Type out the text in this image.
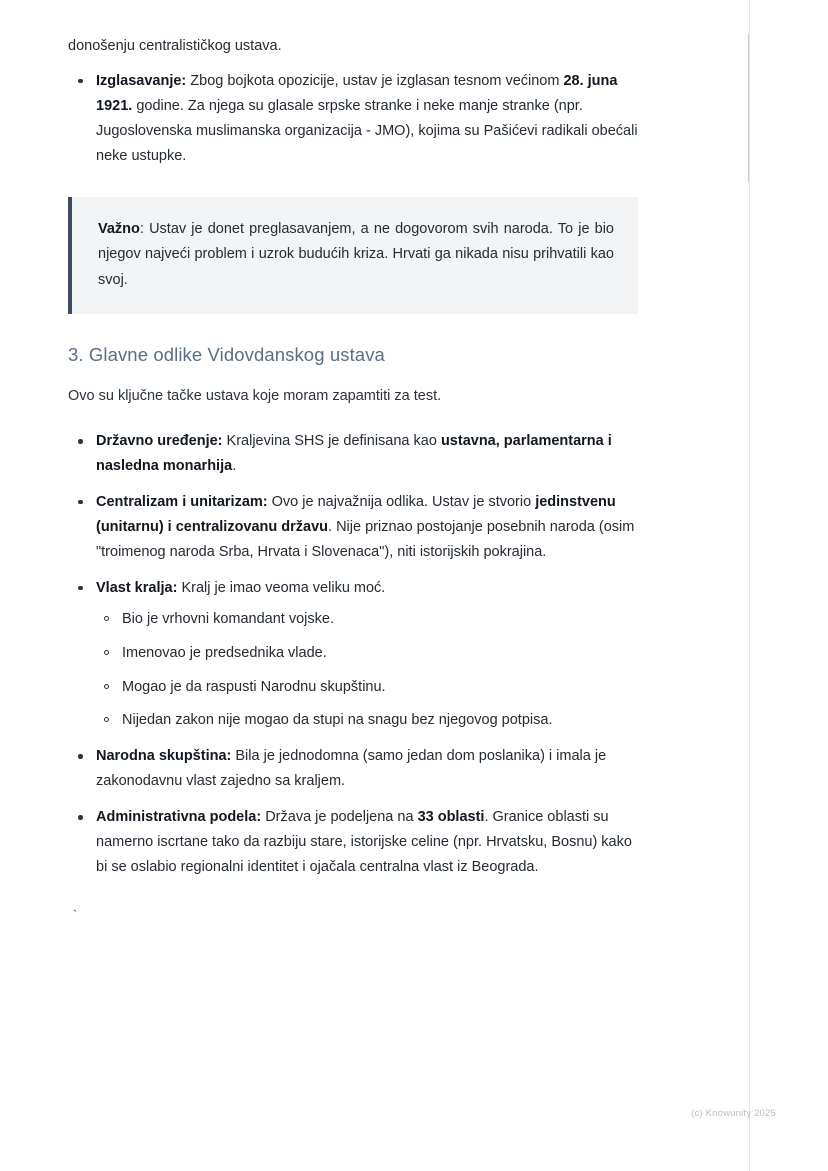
donošenju centralističkog ustava.

Izglasavanje: Zbog bojkota opozicije, ustav je izglasan tesnom većinom 28. juna 1921. godine. Za njega su glasale srpske stranke i neke manje stranke (npr. Jugoslovenska muslimanska organizacija - JMO), kojima su Pašićevi radikali obećali neke ustupke.

Važno: Ustav je donet preglasavanjem, a ne dogovorom svih naroda. To je bio njegov najveći problem i uzrok budućih kriza. Hrvati ga nikada nisu prihvatili kao svoj.

3. Glavne odlike Vidovdanskog ustava

Ovo su ključne tačke ustava koje moram zapamtiti za test.

Državno uređenje: Kraljevina SHS je definisana kao ustavna, parlamentarna i nasledna monarhija.
Centralizam i unitarizam: Ovo je najvažnija odlika. Ustav je stvorio jedinstvenu (unitarnu) i centralizovanu državu. Nije priznao postojanje posebnih naroda (osim "troimenog naroda Srba, Hrvata i Slovenaca"), niti istorijskih pokrajina.
Vlast kralja: Kralj je imao veoma veliku moć.
Bio je vrhovni komandant vojske.
Imenovao je predsednika vlade.
Mogao je da raspusti Narodnu skupštinu.
Nijedan zakon nije mogao da stupi na snagu bez njegovog potpisa.
Narodna skupština: Bila je jednodomna (samo jedan dom poslanika) i imala je zakonodavnu vlast zajedno sa kraljem.
Administrativna podela: Država je podeljena na 33 oblasti. Granice oblasti su namerno iscrtane tako da razbiju stare, istorijske celine (npr. Hrvatsku, Bosnu) kako bi se oslabio regionalni identitet i ojačala centralna vlast iz Beograda.
`
(c) Knowunity 2025
